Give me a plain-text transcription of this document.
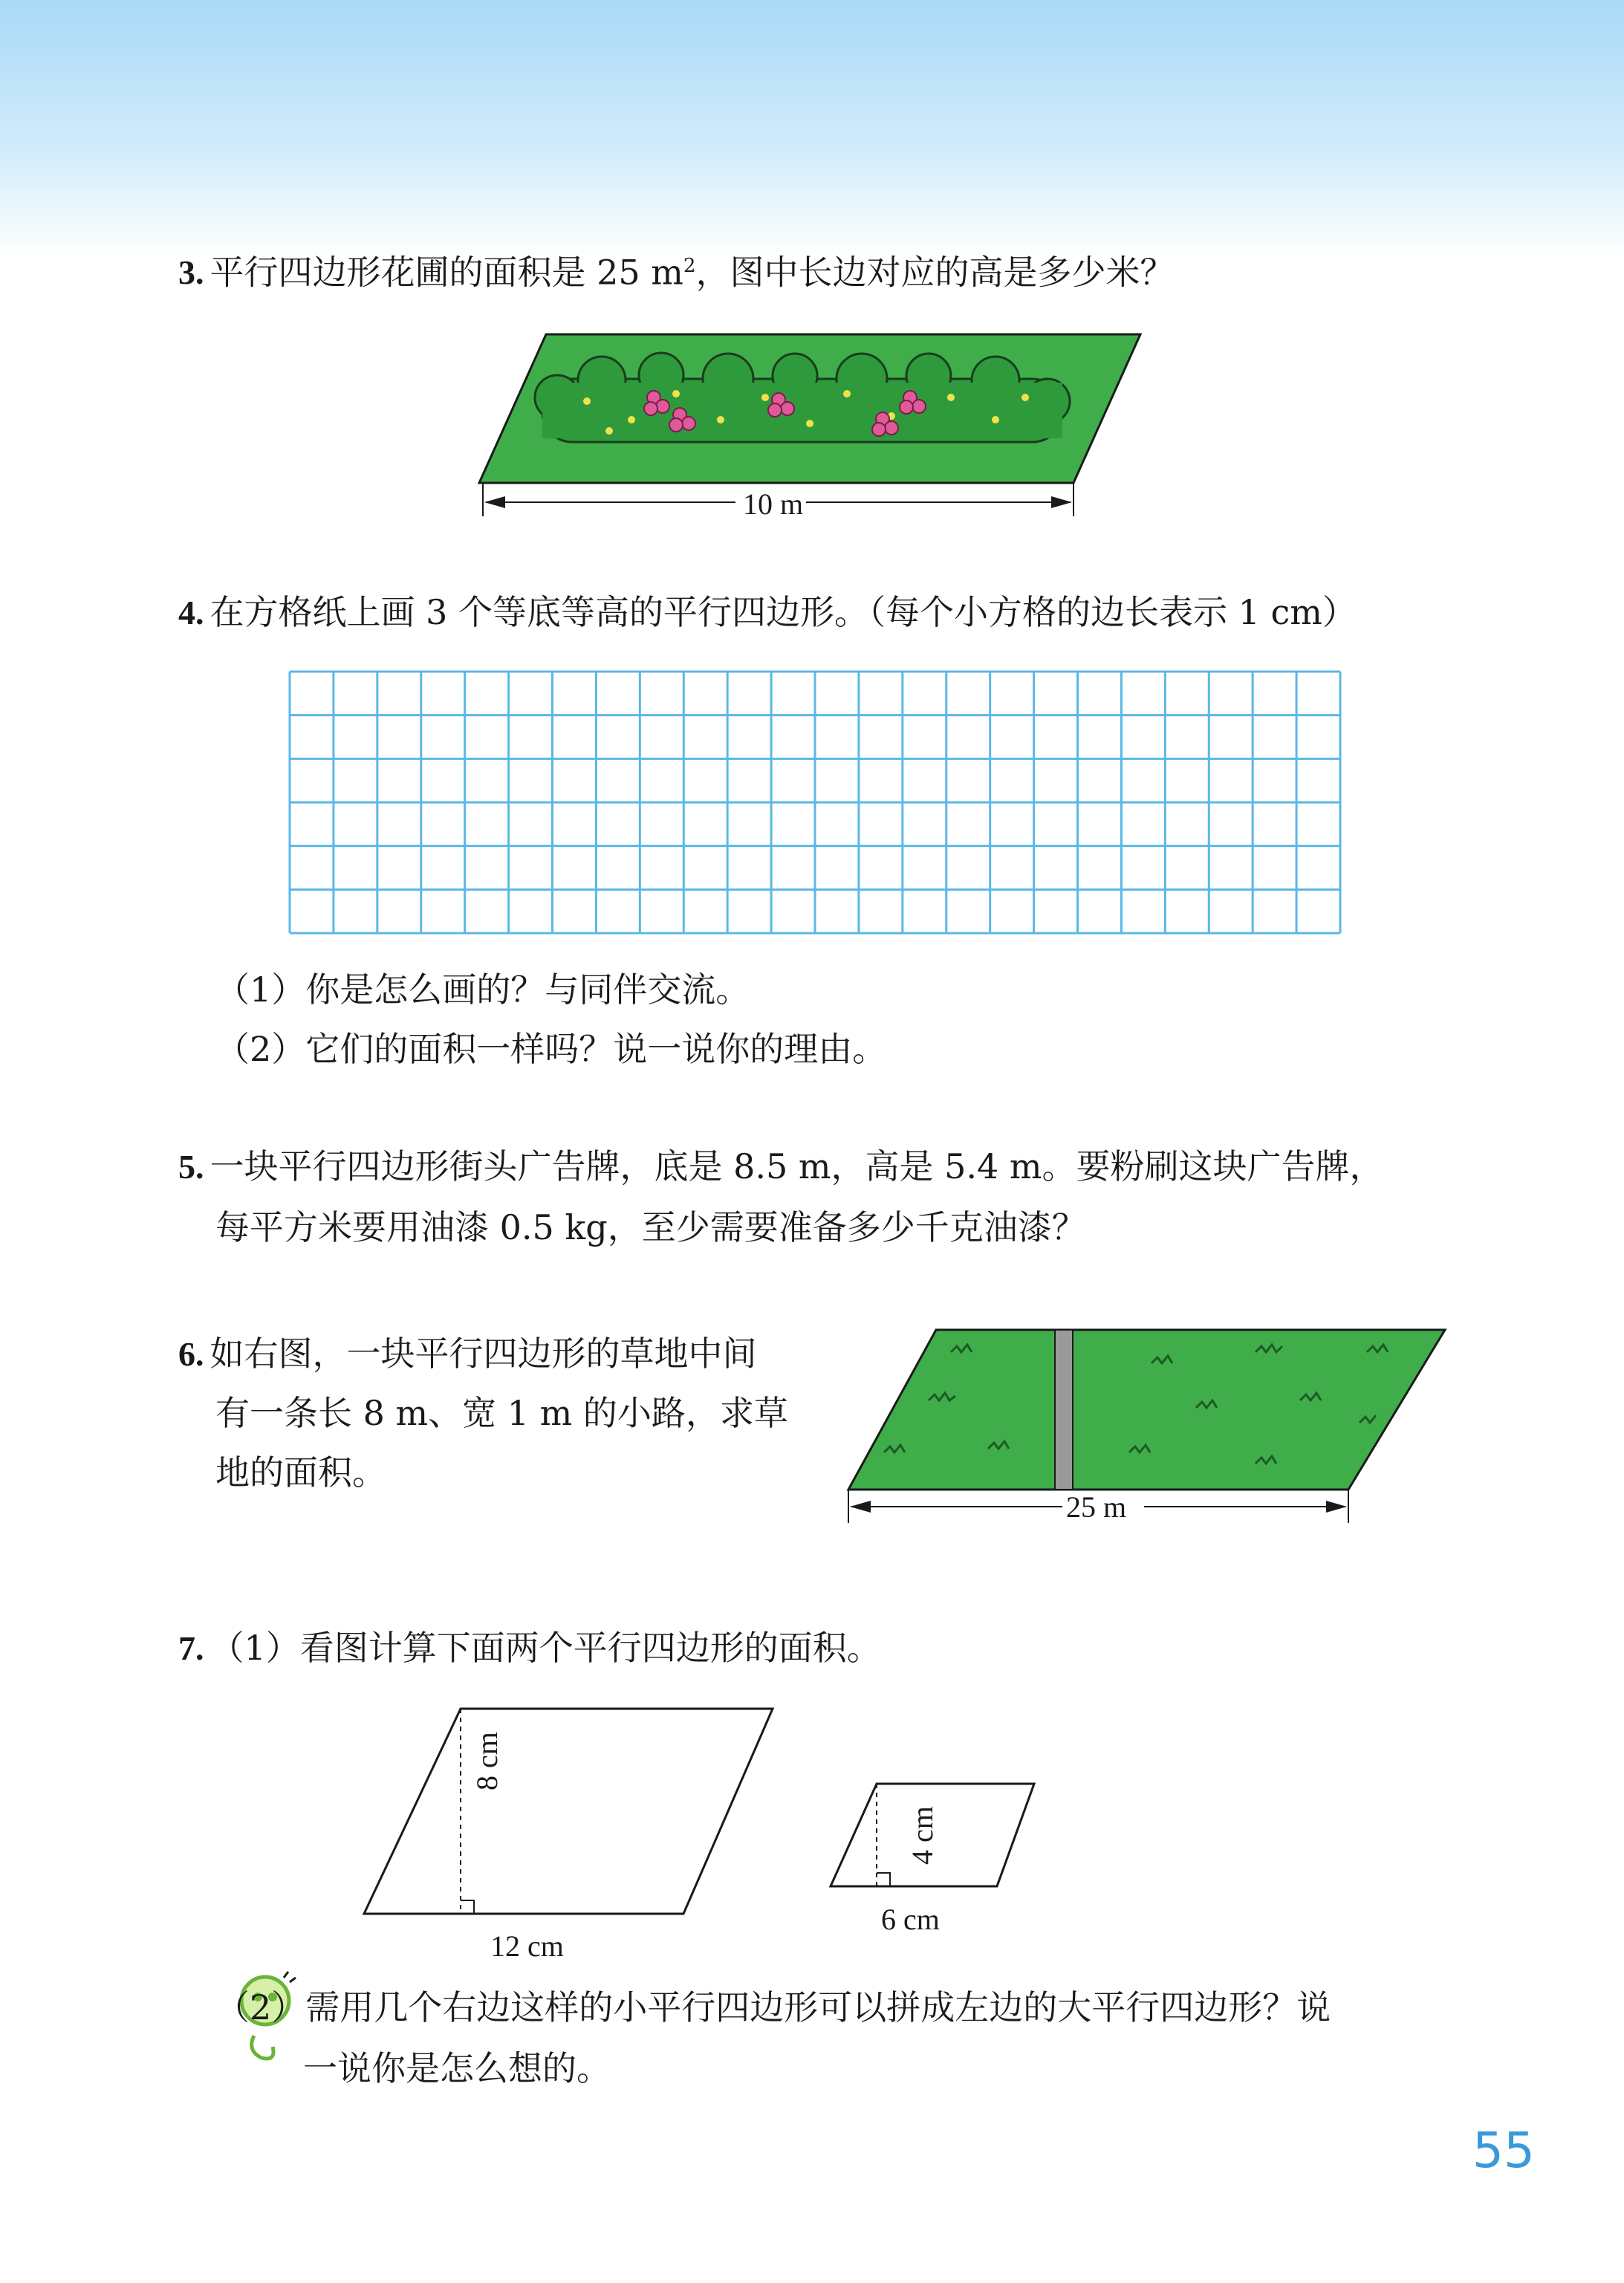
3. 平行四边形花圃的面积是 25 $m^2$，图中长边对应的高是多少米？
10 m
4. 在方格纸上画 3 个等底等高的平行四边形。（每个小方格的边长表示 1 cm）
（1）你是怎么画的？与同伴交流。
（2）它们的面积一样吗？说一说你的理由。
5. 一块平行四边形街头广告牌，底是 8.5 m，高是 5.4 m。要粉刷这块广告牌，
每平方米要用油漆 0.5 kg，至少需要准备多少千克油漆？
6. 如右图，一块平行四边形的草地中间
有一条长 8 m、宽 1 m 的小路，求草
地的面积。
25 m
7. （1）看图计算下面两个平行四边形的面积。
8 cm
12 cm
4 cm
6 cm
（2）需用几个右边这样的小平行四边形可以拼成左边的大平行四边形？说
一说你是怎么想的。
55
